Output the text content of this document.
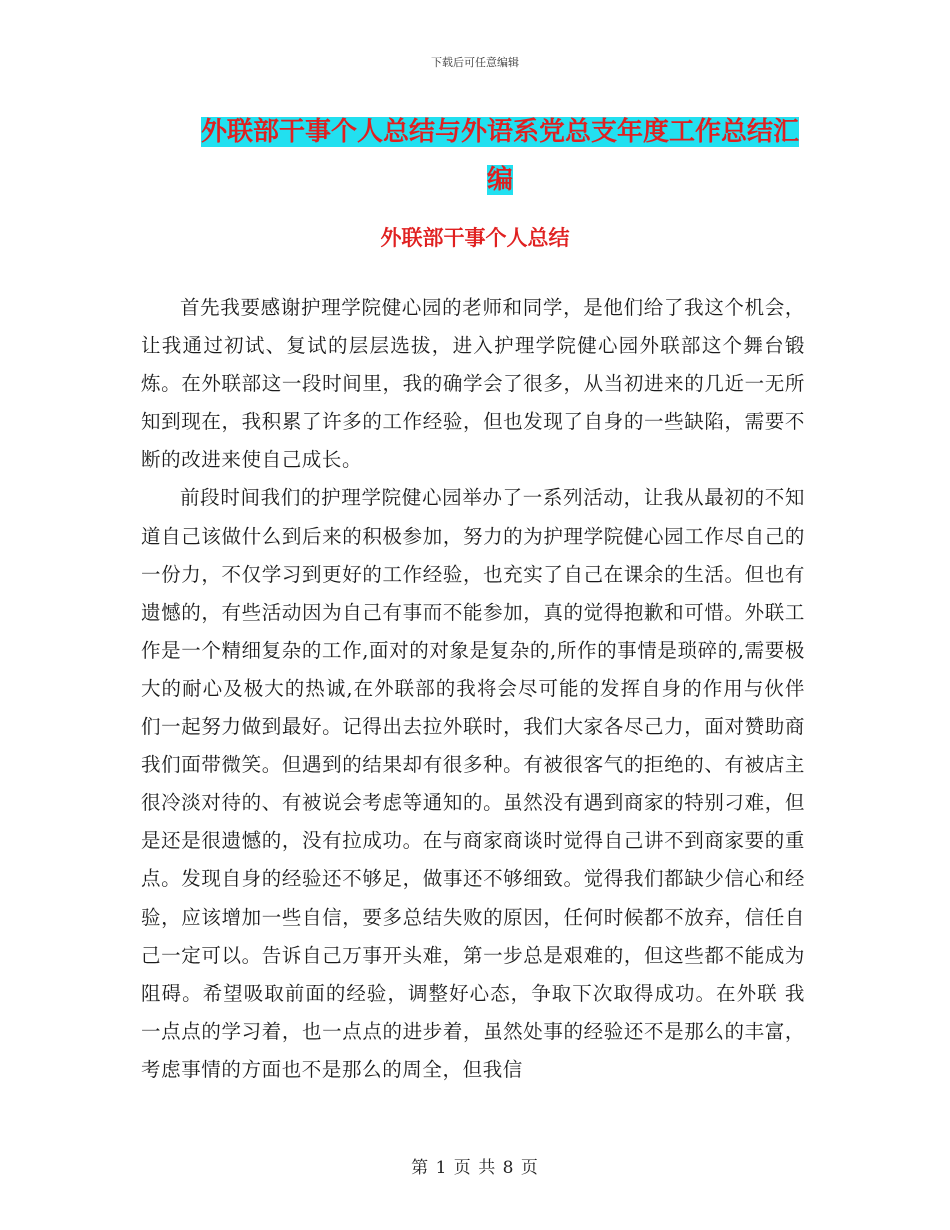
下载后可任意编辑
外联部干事个人总结与外语系党总支年度工作总结汇
编
外联部干事个人总结

首先我要感谢护理学院健心园的老师和同学，是他们给了我这个机会，让我通过初试、复试的层层选拔，进入护理学院健心园外联部这个舞台锻炼。在外联部这一段时间里，我的确学会了很多，从当初进来的几近一无所知到现在，我积累了许多的工作经验，但也发现了自身的一些缺陷，需要不断的改进来使自己成长。

前段时间我们的护理学院健心园举办了一系列活动，让我从最初的不知道自己该做什么到后来的积极参加，努力的为护理学院健心园工作尽自己的一份力，不仅学习到更好的工作经验，也充实了自己在课余的生活。但也有遗憾的，有些活动因为自己有事而不能参加，真的觉得抱歉和可惜。外联工作是一个精细复杂的工作,面对的对象是复杂的,所作的事情是琐碎的,需要极大的耐心及极大的热诚,在外联部的我将会尽可能的发挥自身的作用与伙伴们一起努力做到最好。记得出去拉外联时，我们大家各尽己力，面对赞助商我们面带微笑。但遇到的结果却有很多种。有被很客气的拒绝的、有被店主很冷淡对待的、有被说会考虑等通知的。虽然没有遇到商家的特别刁难，但是还是很遗憾的，没有拉成功。在与商家商谈时觉得自己讲不到商家要的重点。发现自身的经验还不够足，做事还不够细致。觉得我们都缺少信心和经验，应该增加一些自信，要多总结失败的原因，任何时候都不放弃，信任自己一定可以。告诉自己万事开头难，第一步总是艰难的，但这些都不能成为阻碍。希望吸取前面的经验，调整好心态，争取下次取得成功。在外联 我一点点的学习着，也一点点的进步着，虽然处事的经验还不是那么的丰富，考虑事情的方面也不是那么的周全，但我信

第 1 页 共 8 页
